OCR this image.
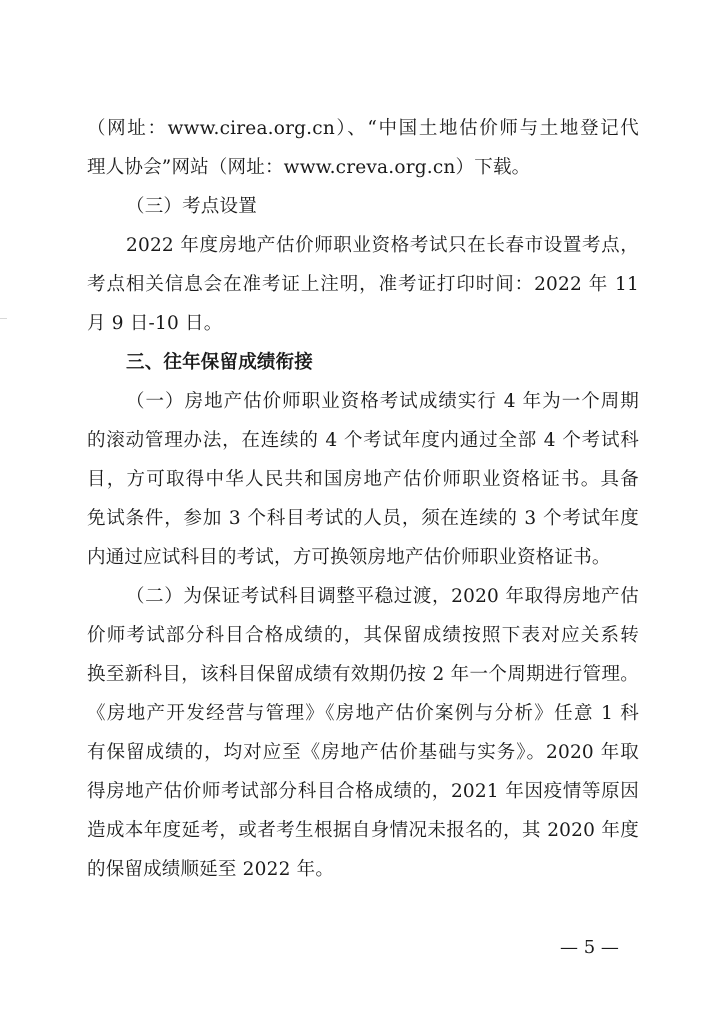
（网址：www.cirea.org.cn）、“中国土地估价师与土地登记代
理人协会”网站（网址：www.creva.org.cn）下载。
（三）考点设置
2022 年度房地产估价师职业资格考试只在长春市设置考点，
考点相关信息会在准考证上注明，准考证打印时间：2022 年 11
月 9 日-10 日。
三、往年保留成绩衔接
（一）房地产估价师职业资格考试成绩实行 4 年为一个周期
的滚动管理办法，在连续的 4 个考试年度内通过全部 4 个考试科
目，方可取得中华人民共和国房地产估价师职业资格证书。具备
免试条件，参加 3 个科目考试的人员，须在连续的 3 个考试年度
内通过应试科目的考试，方可换领房地产估价师职业资格证书。
（二）为保证考试科目调整平稳过渡，2020 年取得房地产估
价师考试部分科目合格成绩的，其保留成绩按照下表对应关系转
换至新科目，该科目保留成绩有效期仍按 2 年一个周期进行管理。
《房地产开发经营与管理》《房地产估价案例与分析》任意 1 科
有保留成绩的，均对应至《房地产估价基础与实务》。2020 年取
得房地产估价师考试部分科目合格成绩的，2021 年因疫情等原因
造成本年度延考，或者考生根据自身情况未报名的，其 2020 年度
的保留成绩顺延至 2022 年。
— 5 —
